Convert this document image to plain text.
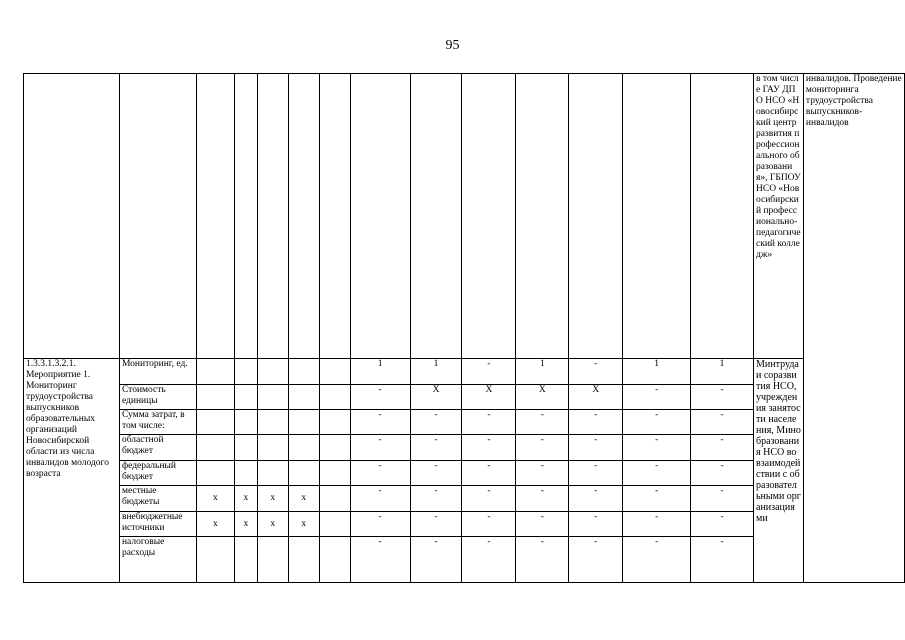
95
														в том числе ГАУ ДПО НСО «Новосибирский центр развития профессионального образования», ГБПОУ НСО «Новосибирский профессионально-педагогический колледж»	инвалидов. Проведение мониторинга трудоустройства выпускников-инвалидов
1.3.3.1.3.2.1. Мероприятие 1. Мониторинг трудоустройства выпускников образовательных организаций Новосибирской области из числа инвалидов молодого возраста	Мониторинг, ед.						1	1	-	1	-	1	1	Минтруда и соразвития НСО, учреждения занятости населения, Минобразования НСО во взаимодействии с образовательными организациями	
	Стоимость единицы						-	X	X	X	X	-	-		
	Сумма затрат, в том числе:						-	-	-	-	-	-	-		
	областной бюджет						-	-	-	-	-	-	-		
	федеральный бюджет						-	-	-	-	-	-	-		
	местные бюджеты	x	x	x	x		-	-	-	-	-	-	-		
	внебюджетные источники	x	x	x	x		-	-	-	-	-	-	-		
	налоговые расходы						-	-	-	-	-	-	-		
